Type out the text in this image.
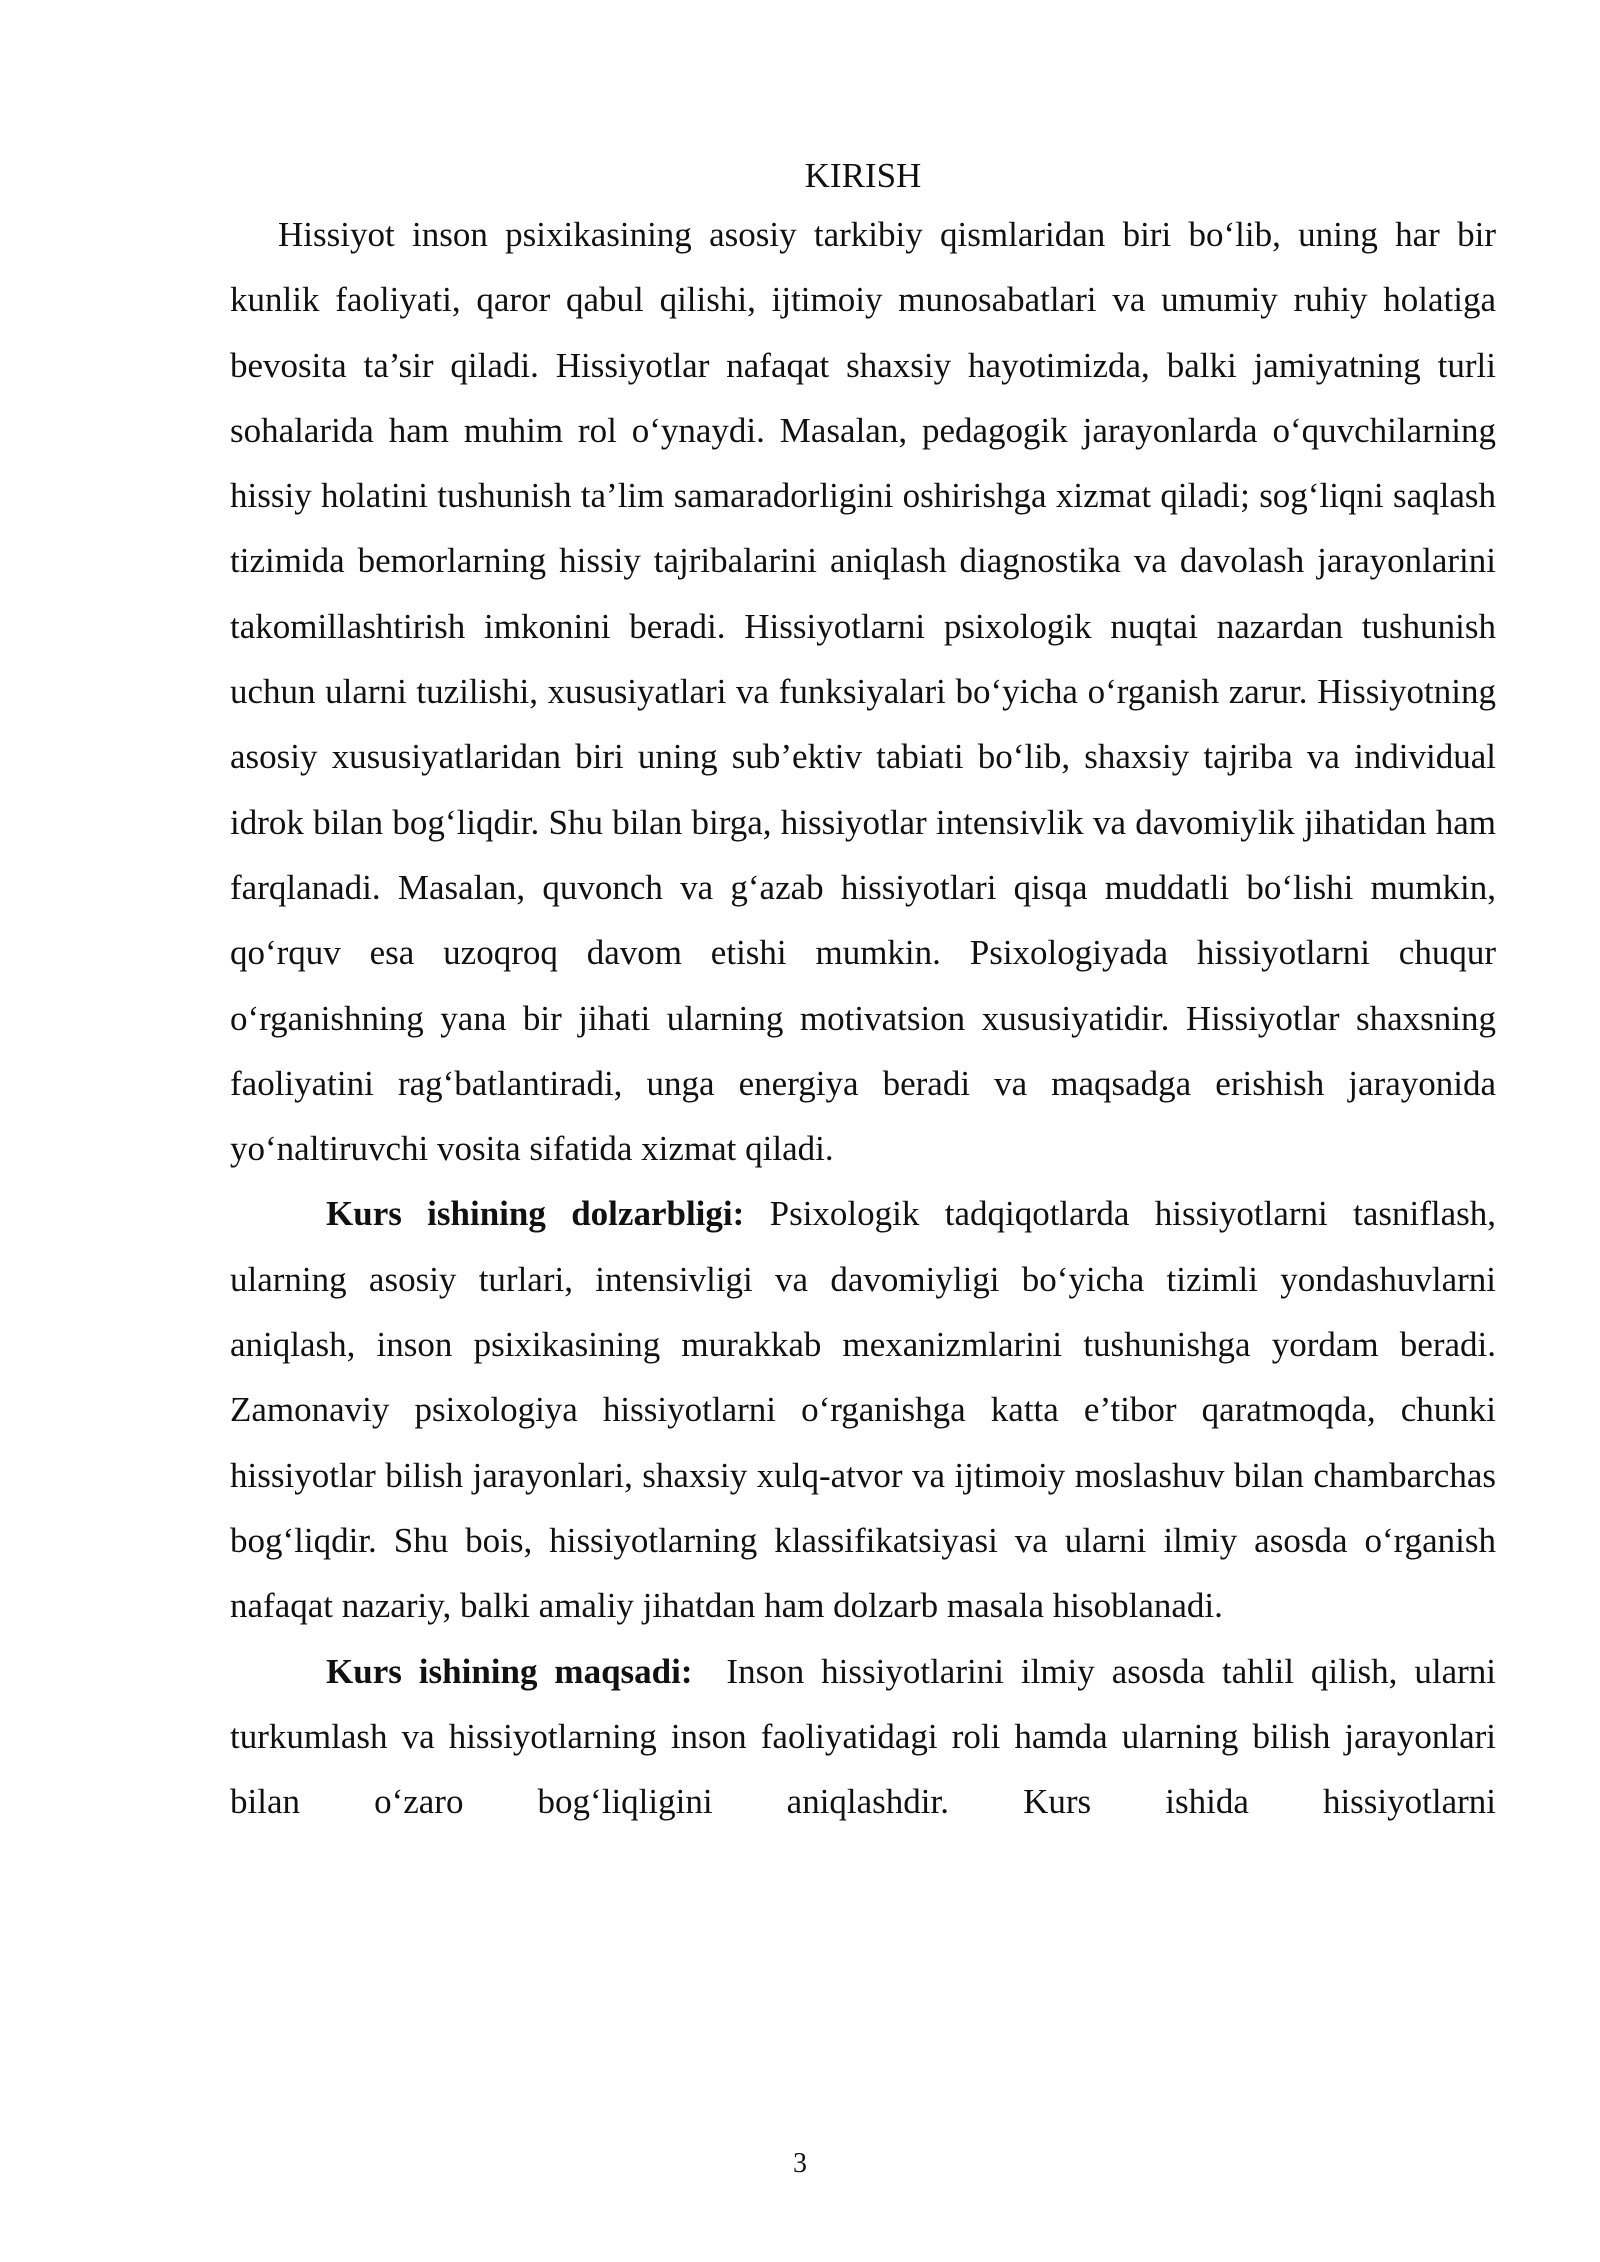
KIRISH

Hissiyot inson psixikasining asosiy tarkibiy qismlaridan biri bo‘lib, uning har bir kunlik faoliyati, qaror qabul qilishi, ijtimoiy munosabatlari va umumiy ruhiy holatiga bevosita ta’sir qiladi. Hissiyotlar nafaqat shaxsiy hayotimizda, balki jamiyatning turli sohalarida ham muhim rol o‘ynaydi. Masalan, pedagogik jarayonlarda o‘quvchilarning hissiy holatini tushunish ta’lim samaradorligini oshirishga xizmat qiladi; sog‘liqni saqlash tizimida bemorlarning hissiy tajribalarini aniqlash diagnostika va davolash jarayonlarini takomillashtirish imkonini beradi. Hissiyotlarni psixologik nuqtai nazardan tushunish uchun ularni tuzilishi, xususiyatlari va funksiyalari bo‘yicha o‘rganish zarur. Hissiyotning asosiy xususiyatlaridan biri uning sub’ektiv tabiati bo‘lib, shaxsiy tajriba va individual idrok bilan bog‘liqdir. Shu bilan birga, hissiyotlar intensivlik va davomiylik jihatidan ham farqlanadi. Masalan, quvonch va g‘azab hissiyotlari qisqa muddatli bo‘lishi mumkin, qo‘rquv esa uzoqroq davom etishi mumkin. Psixologiyada hissiyotlarni chuqur o‘rganishning yana bir jihati ularning motivatsion xususiyatidir. Hissiyotlar shaxsning faoliyatini rag‘batlantiradi, unga energiya beradi va maqsadga erishish jarayonida yo‘naltiruvchi vosita sifatida xizmat qiladi.

Kurs ishining dolzarbligi: Psixologik tadqiqotlarda hissiyotlarni tasniflash, ularning asosiy turlari, intensivligi va davomiyligi bo‘yicha tizimli yondashuvlarni aniqlash, inson psixikasining murakkab mexanizmlarini tushunishga yordam beradi. Zamonaviy psixologiya hissiyotlarni o‘rganishga katta e’tibor qaratmoqda, chunki hissiyotlar bilish jarayonlari, shaxsiy xulq-atvor va ijtimoiy moslashuv bilan chambarchas bog‘liqdir. Shu bois, hissiyotlarning klassifikatsiyasi va ularni ilmiy asosda o‘rganish nafaqat nazariy, balki amaliy jihatdan ham dolzarb masala hisoblanadi.

Kurs ishining maqsadi:  Inson hissiyotlarini ilmiy asosda tahlil qilish, ularni turkumlash va hissiyotlarning inson faoliyatidagi roli hamda ularning bilish jarayonlari bilan o‘zaro bog‘liqligini aniqlashdir. Kurs ishida hissiyotlarni

3
